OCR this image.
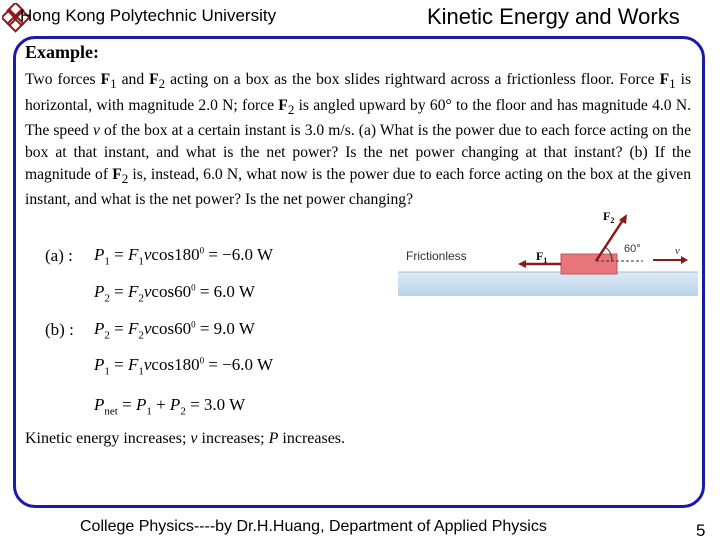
Hong Kong Polytechnic University	Kinetic Energy and Works
Example:
Two forces $F_1$ and $F_2$ acting on a box as the box slides rightward across a frictionless floor. Force $F_1$ is horizontal, with magnitude 2.0 N; force $F_2$ is angled upward by 60° to the floor and has magnitude 4.0 N. The speed v of the box at a certain instant is 3.0 m/s. (a) What is the power due to each force acting on the box at that instant, and what is the net power? Is the net power changing at that instant? (b) If the magnitude of $F_2$ is, instead, 6.0 N, what now is the power due to each force acting on the box at the given instant, and what is the net power? Is the net power changing?
Frictionless	$F_1$
$F_2$
60°	v
(a) : $P_1 = F_1vcos180^0 = -6.0$ W
$P_2 = F_2vcos60^0 = 6.0$ W
(b) : $P_2 = F_2vcos60^0 = 9.0$ W
$P_1 = F_1vcos180^0 = -6.0$ W
$P_{net} = P_1 + P_2 = 3.0$ W
Kinetic energy increases; v increases; P increases.
College Physics----by Dr.H.Huang, Department of Applied Physics	5
